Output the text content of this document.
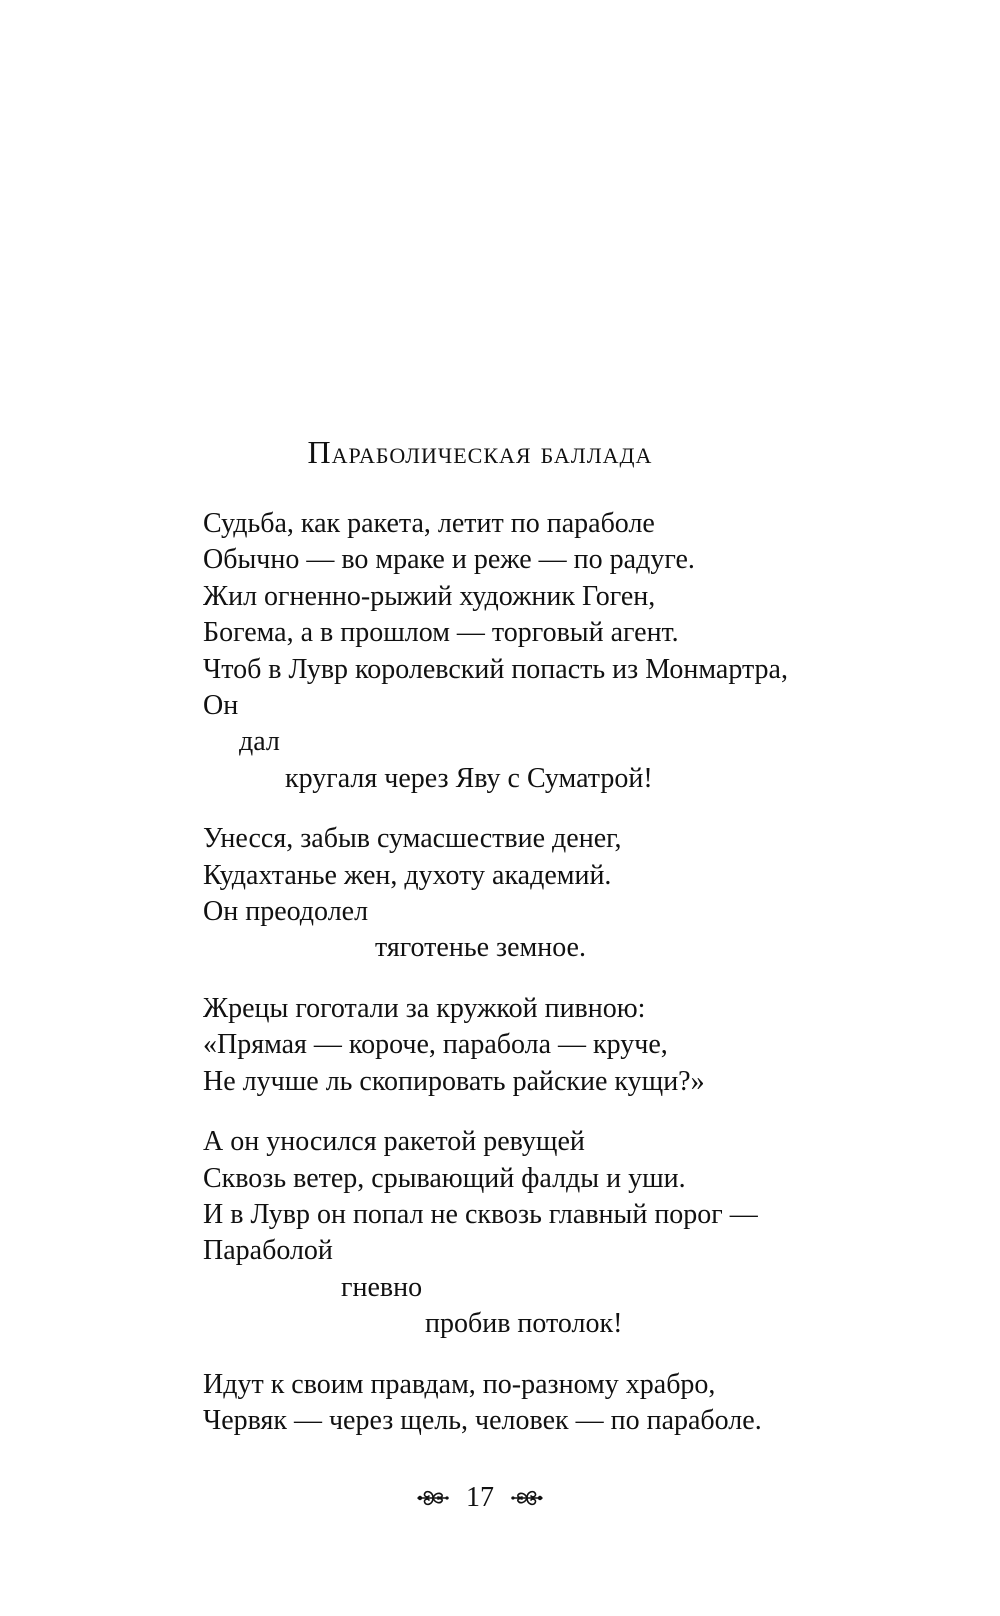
Параболическая баллада
Судьба, как ракета, летит по параболе
Обычно — во мраке и реже — по радуге.
Жил огненно-рыжий художник Гоген,
Богема, а в прошлом — торговый агент.
Чтоб в Лувр королевский попасть из Монмартра,
Он
дал
кругаля через Яву с Суматрой!
Унесся, забыв сумасшествие денег,
Кудахтанье жен, духоту академий.
Он преодолел
тяготенье земное.
Жрецы гоготали за кружкой пивною:
«Прямая — короче, парабола — круче,
Не лучше ль скопировать райские кущи?»
А он уносился ракетой ревущей
Сквозь ветер, срывающий фалды и уши.
И в Лувр он попал не сквозь главный порог —
Параболой
гневно
пробив потолок!
Идут к своим правдам, по-разному храбро,
Червяк — через щель, человек — по параболе.
17
